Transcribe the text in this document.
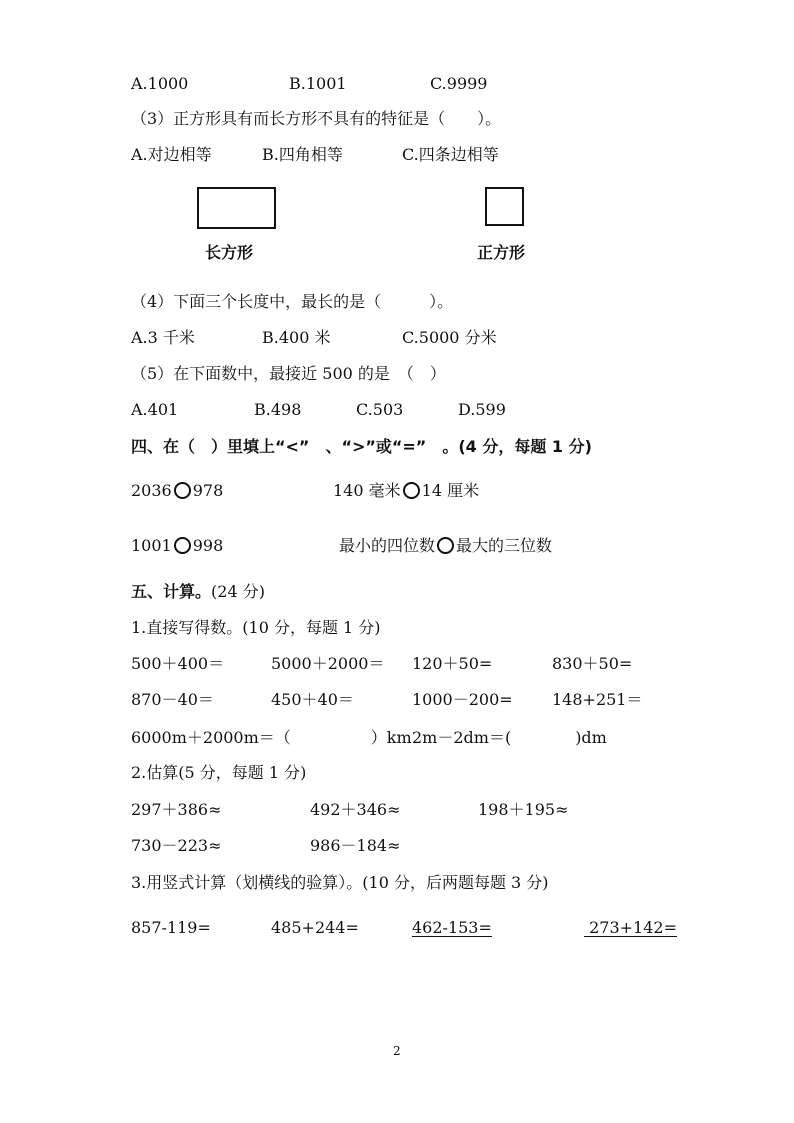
A.1000	B.1001	C.9999
（3）正方形具有而长方形不具有的特征是（　　）。
A.对边相等	B.四角相等	C.四条边相等
长方形	正方形
（4）下面三个长度中，最长的是（　　　）。
A.3 千米	B.400 米	C.5000 分米
（5）在下面数中，最接近 500 的是　（　）
A.401	B.498	C.503	D.599
四、在（　）里填上“<”　、“>”或“=”　。(4 分，每题 1 分)
2036 978	140 毫米 14 厘米
1001 998	最小的四位数 最大的三位数
五、计算。(24 分)
1.直接写得数。(10 分，每题 1 分)
500＋400＝	5000＋2000＝ 120＋50=	830＋50=
870－40＝	450＋40＝	1000－200= 148+251＝
6000m＋2000m＝（　　　　　）km 2m－2dm＝(　　　　)dm
2.估算(5 分，每题 1 分)
297＋386≈	492＋346≈	198＋195≈
730－223≈	986－184≈
3.用竖式计算（划横线的验算）。(10 分，后两题每题 3 分)
857-119=	485+244=	462-153=	273+142=
2
